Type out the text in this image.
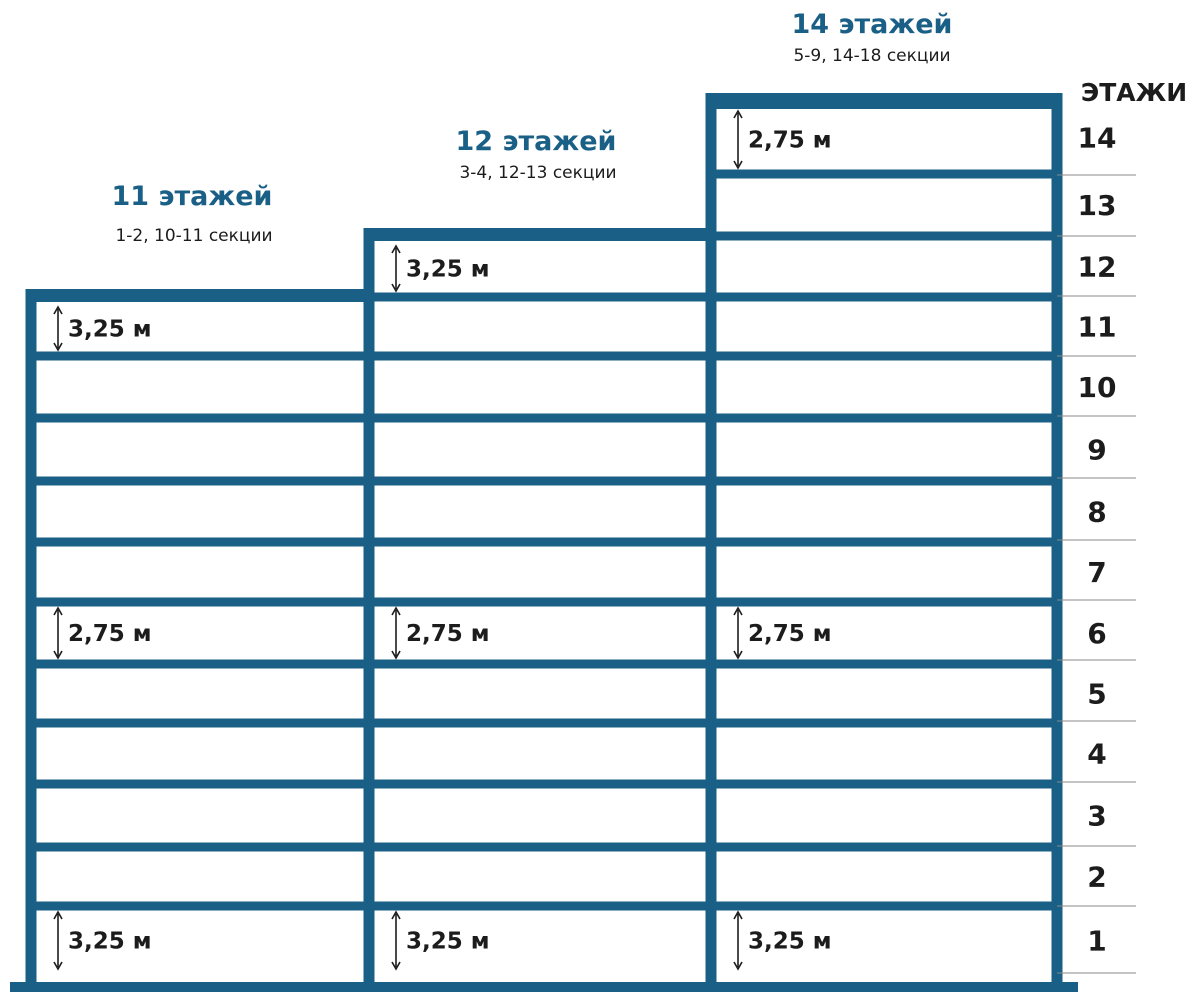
14
13
12
11
10
9
8
7
6
5
4
3
2
1
3,25 м
2,75 м
3,25 м
3,25 м
2,75 м
3,25 м
2,75 м
2,75 м
3,25 м
11 этажей
1-2, 10-11 секции
12 этажей
3-4, 12-13 секции
14 этажей
5-9, 14-18 секции
ЭТАЖИ
